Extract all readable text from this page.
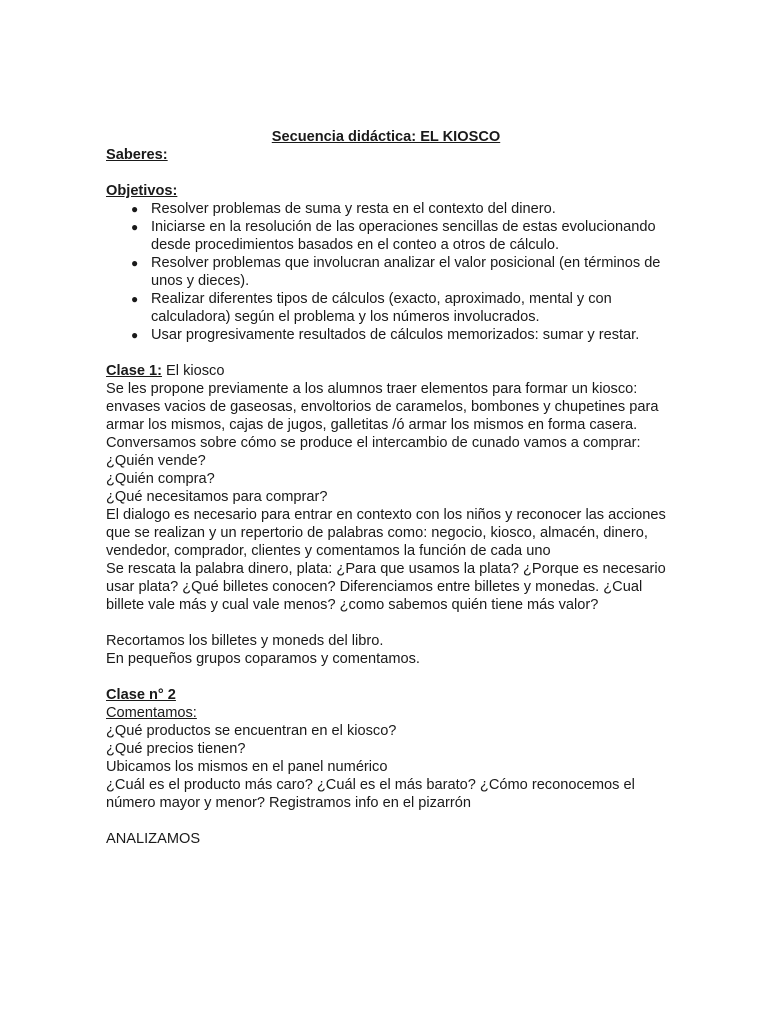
Secuencia didáctica: EL KIOSCO

Saberes:

Objetivos:

● Resolver problemas de suma y resta en el contexto del dinero.
● Iniciarse en la resolución de las operaciones sencillas de estas evolucionando desde procedimientos basados en el conteo a otros de cálculo.
● Resolver problemas que involucran analizar el valor posicional (en términos de unos y dieces).
● Realizar diferentes tipos de cálculos (exacto, aproximado, mental y con calculadora) según el problema y los números involucrados.
● Usar progresivamente resultados de cálculos memorizados: sumar y restar.

Clase 1: El kiosco

Se les propone previamente a los alumnos traer elementos para formar un kiosco: envases vacios de gaseosas, envoltorios de caramelos, bombones y chupetines para armar los mismos, cajas de jugos, galletitas /ó armar los mismos en forma casera.

Conversamos sobre cómo se produce el intercambio de cunado vamos a comprar:

¿Quién vende?

¿Quién compra?

¿Qué necesitamos para comprar?

El dialogo es necesario para entrar en contexto con los niños y reconocer las acciones que se realizan y un repertorio de palabras como: negocio, kiosco, almacén, dinero, vendedor, comprador, clientes y comentamos la función de cada uno

Se rescata la palabra dinero, plata: ¿Para que usamos la plata? ¿Porque es necesario usar plata? ¿Qué billetes conocen? Diferenciamos entre billetes y monedas. ¿Cual billete vale más y cual vale menos? ¿como sabemos quién tiene más valor?

Recortamos los billetes y moneds del libro.

En pequeños grupos coparamos y comentamos.

Clase n° 2

Comentamos:

¿Qué productos se encuentran en el kiosco?

¿Qué precios tienen?

Ubicamos los mismos en el panel numérico

¿Cuál es el producto más caro? ¿Cuál es el más barato? ¿Cómo reconocemos el número mayor y menor? Registramos info en el pizarrón

ANALIZAMOS
